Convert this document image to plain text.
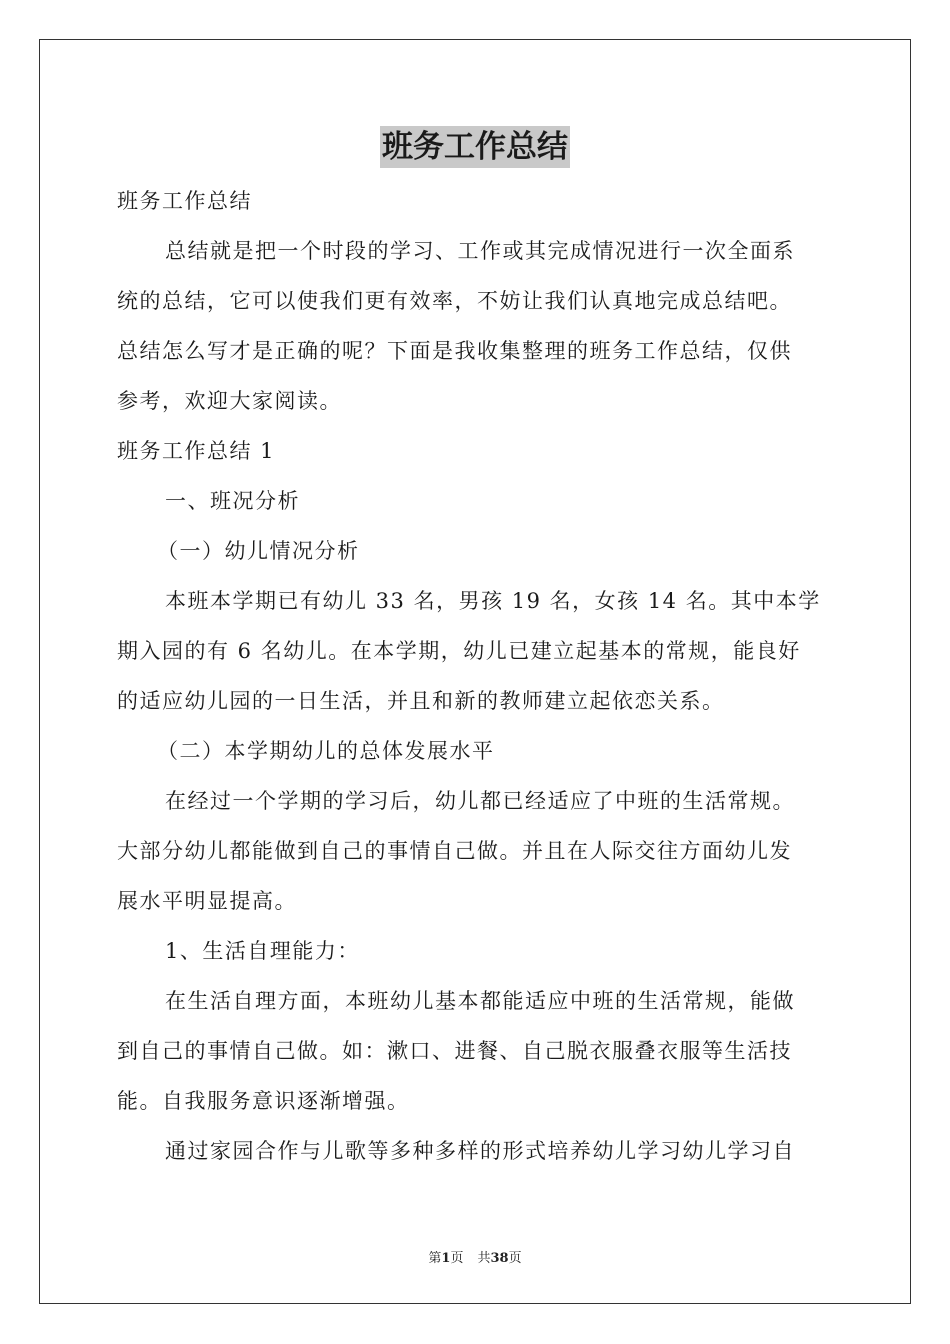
班务工作总结
班务工作总结
总结就是把一个时段的学习、工作或其完成情况进行一次全面系
统的总结，它可以使我们更有效率，不妨让我们认真地完成总结吧。
总结怎么写才是正确的呢？下面是我收集整理的班务工作总结，仅供
参考，欢迎大家阅读。
班务工作总结 1
一、班况分析
（一）幼儿情况分析
本班本学期已有幼儿 33 名，男孩 19 名，女孩 14 名。其中本学
期入园的有 6 名幼儿。在本学期，幼儿已建立起基本的常规，能良好
的适应幼儿园的一日生活，并且和新的教师建立起依恋关系。
（二）本学期幼儿的总体发展水平
在经过一个学期的学习后，幼儿都已经适应了中班的生活常规。
大部分幼儿都能做到自己的事情自己做。并且在人际交往方面幼儿发
展水平明显提高。
1、生活自理能力：
在生活自理方面，本班幼儿基本都能适应中班的生活常规，能做
到自己的事情自己做。如：漱口、进餐、自己脱衣服叠衣服等生活技
能。自我服务意识逐渐增强。
通过家园合作与儿歌等多种多样的形式培养幼儿学习幼儿学习自
第1页 共38页
